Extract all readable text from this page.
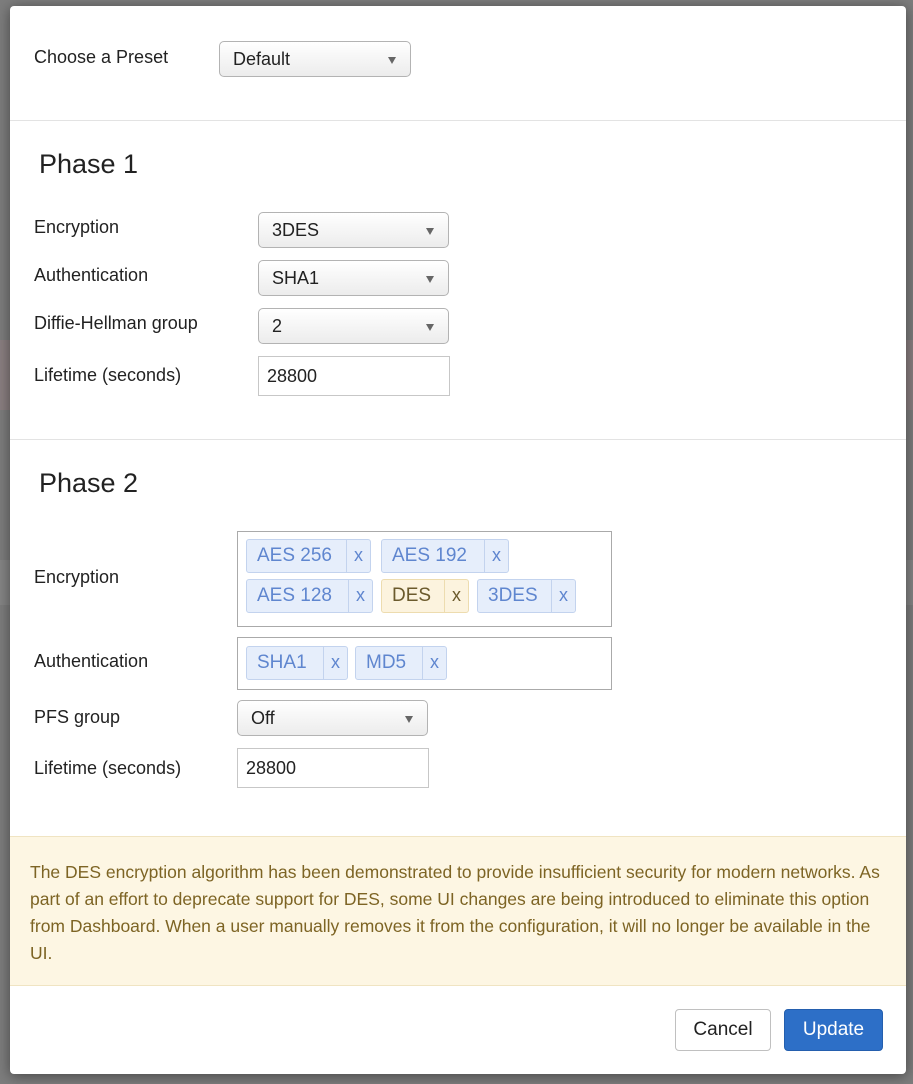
Choose a Preset	Default
Phase 1
Encryption	3DES
Authentication	SHA1
Diffie-Hellman group	2
Lifetime (seconds)	28800
Phase 2
Encryption
AES 256	x	AES 192	x
AES 128	x	DES	x	3DES	x
Authentication	SHA1	x	MD5	x
PFS group	Off
Lifetime (seconds)	28800
The DES encryption algorithm has been demonstrated to provide insufficient security for modern networks. As part of an effort to deprecate support for DES, some UI changes are being introduced to eliminate this option from Dashboard. When a user manually removes it from the configuration, it will no longer be available in the UI.
Cancel	Update
